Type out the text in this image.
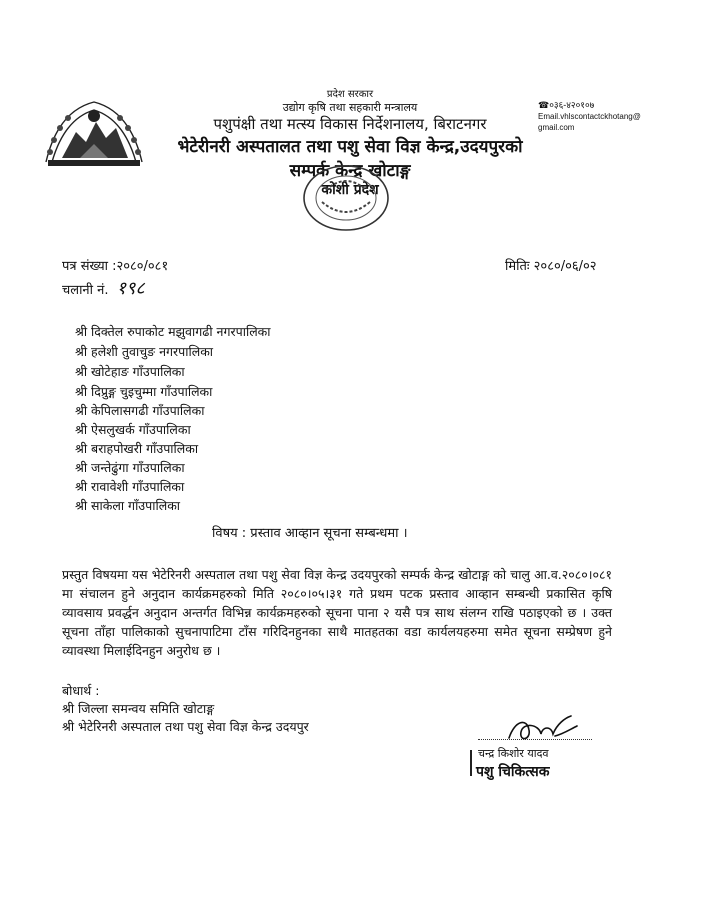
प्रदेश सरकार
उद्योग कृषि तथा सहकारी मन्त्रालय
पशुपंक्षी तथा मत्स्य विकास निर्देशनालय, बिराटनगर
भेटेरीनरी अस्पतालत तथा पशु सेवा विज्ञ केन्द्र,उदयपुरको
सम्पर्क केन्द्र खोटाङ्ग
कोशी प्रदेश
☎०३६-४२०१०७
Email.vhlscontactckhotang@
gmail.com
पत्र संख्या :२०८०/०८१
चलानी नं. १९८
मितिः २०८०/०६/०२
श्री दिक्तेल रुपाकोट मझुवागढी नगरपालिका
श्री हलेशी तुवाचुङ नगरपालिका
श्री खोटेहाङ गाँउपालिका
श्री दिप्रुङ्ग चुइचुम्मा गाँउपालिका
श्री केपिलासगढी गाँउपालिका
श्री ऐसलुखर्क गाँउपालिका
श्री बराहपोखरी गाँउपालिका
श्री जन्तेढुंगा गाँउपालिका
श्री रावावेशी गाँउपालिका
श्री साकेला गाँउपालिका
विषय : प्रस्ताव आव्हान सूचना सम्बन्धमा ।
प्रस्तुत विषयमा यस भेटेरिनरी अस्पताल तथा पशु सेवा विज्ञ केन्द्र उदयपुरको सम्पर्क केन्द्र खोटाङ्ग को चालु आ.व.२०८०।०८१ मा संचालन हुने अनुदान कार्यक्रमहरुको मिति २०८०।०५।३१ गते प्रथम पटक प्रस्ताव आव्हान सम्बन्धी प्रकासित कृषि व्यावसाय प्रवर्द्धन अनुदान अन्तर्गत विभिन्न कार्यक्रमहरुको सूचना पाना २ यसै पत्र साथ संलग्न राखि पठाइएको छ । उक्त सूचना ताँहा पालिकाको सुचनापाटिमा टाँस गरिदिनहुनका साथै मातहतका वडा कार्यलयहरुमा समेत सूचना सम्प्रेषण हुने व्यावस्था मिलाईदिनहुन अनुरोध छ ।
बोधार्थ :
श्री जिल्ला समन्वय समिति खोटाङ्ग
श्री भेटेरिनरी अस्पताल तथा पशु सेवा विज्ञ केन्द्र उदयपुर
चन्द्र किशोर यादव
पशु चिकित्सक
